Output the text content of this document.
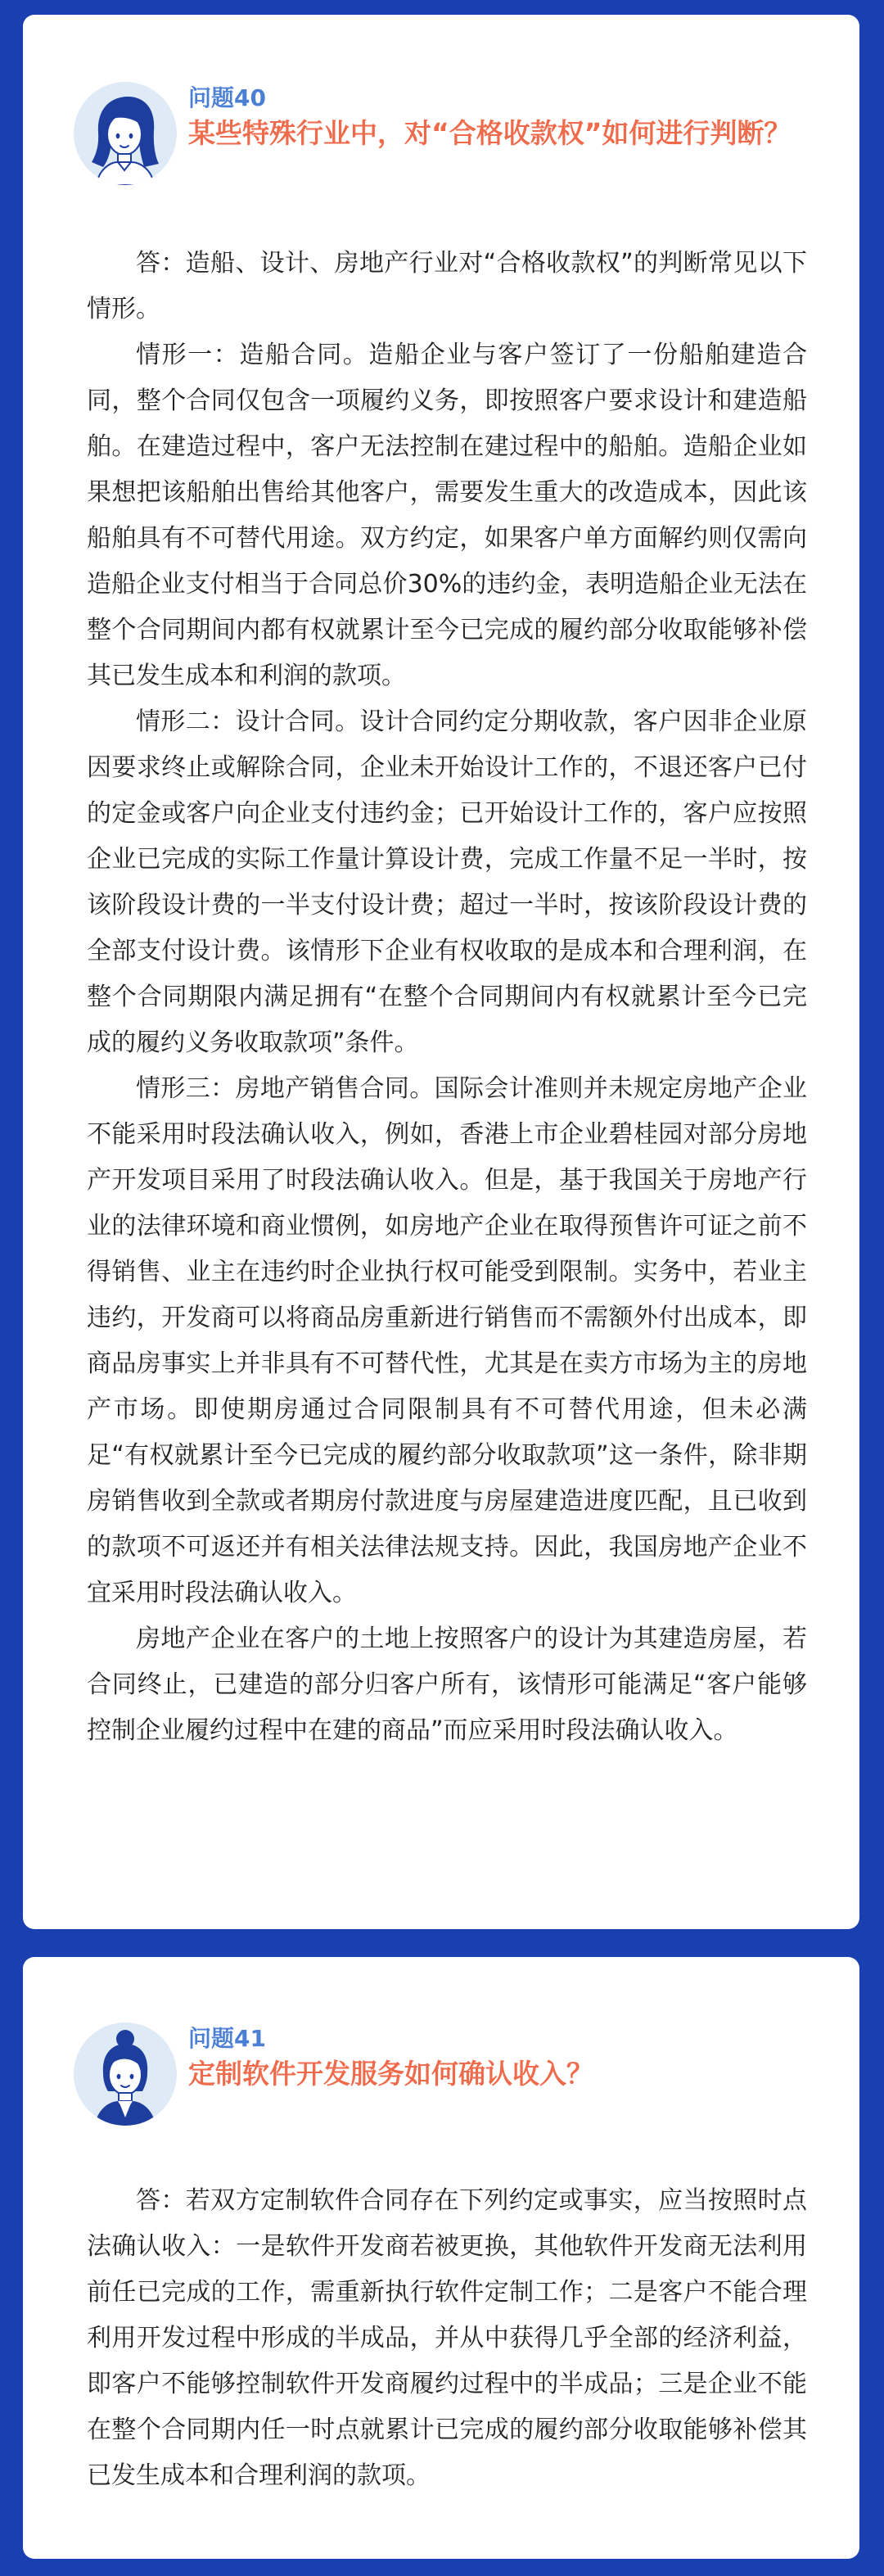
问题40
某些特殊行业中，对“合格收款权”如何进行判断？

答：造船、设计、房地产行业对“合格收款权”的判断常见以下情形。

情形一：造船合同。造船企业与客户签订了一份船舶建造合同，整个合同仅包含一项履约义务，即按照客户要求设计和建造船舶。在建造过程中，客户无法控制在建过程中的船舶。造船企业如果想把该船舶出售给其他客户，需要发生重大的改造成本，因此该船舶具有不可替代用途。双方约定，如果客户单方面解约则仅需向造船企业支付相当于合同总价30%的违约金，表明造船企业无法在整个合同期间内都有权就累计至今已完成的履约部分收取能够补偿其已发生成本和利润的款项。

情形二：设计合同。设计合同约定分期收款，客户因非企业原因要求终止或解除合同，企业未开始设计工作的，不退还客户已付的定金或客户向企业支付违约金；已开始设计工作的，客户应按照企业已完成的实际工作量计算设计费，完成工作量不足一半时，按该阶段设计费的一半支付设计费；超过一半时，按该阶段设计费的全部支付设计费。该情形下企业有权收取的是成本和合理利润，在整个合同期限内满足拥有“在整个合同期间内有权就累计至今已完成的履约义务收取款项”条件。

情形三：房地产销售合同。国际会计准则并未规定房地产企业不能采用时段法确认收入，例如，香港上市企业碧桂园对部分房地产开发项目采用了时段法确认收入。但是，基于我国关于房地产行业的法律环境和商业惯例，如房地产企业在取得预售许可证之前不得销售、业主在违约时企业执行权可能受到限制。实务中，若业主违约，开发商可以将商品房重新进行销售而不需额外付出成本，即商品房事实上并非具有不可替代性，尤其是在卖方市场为主的房地产市场。即使期房通过合同限制具有不可替代用途，但未必满足“有权就累计至今已完成的履约部分收取款项”这一条件，除非期房销售收到全款或者期房付款进度与房屋建造进度匹配，且已收到的款项不可返还并有相关法律法规支持。因此，我国房地产企业不宜采用时段法确认收入。

房地产企业在客户的土地上按照客户的设计为其建造房屋，若合同终止，已建造的部分归客户所有，该情形可能满足“客户能够控制企业履约过程中在建的商品”而应采用时段法确认收入。

问题41
定制软件开发服务如何确认收入？

答：若双方定制软件合同存在下列约定或事实，应当按照时点法确认收入：一是软件开发商若被更换，其他软件开发商无法利用前任已完成的工作，需重新执行软件定制工作；二是客户不能合理利用开发过程中形成的半成品，并从中获得几乎全部的经济利益，即客户不能够控制软件开发商履约过程中的半成品；三是企业不能在整个合同期内任一时点就累计已完成的履约部分收取能够补偿其已发生成本和合理利润的款项。
